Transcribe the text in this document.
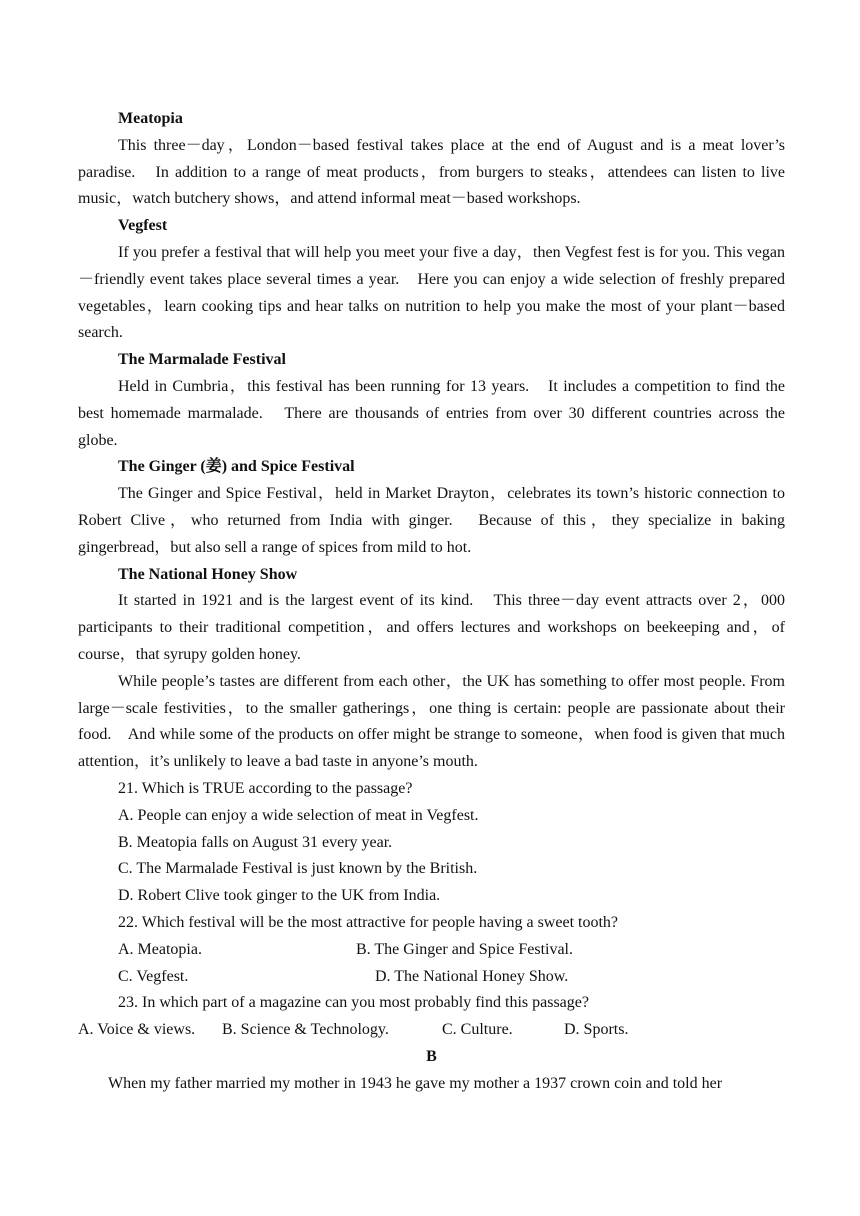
Meatopia
This three－day，London－based festival takes place at the end of August and is a meat lover’s paradise.　In addition to a range of meat products，from burgers to steaks，attendees can listen to live music，watch butchery shows，and attend informal meat－based workshops.
Vegfest
If you prefer a festival that will help you meet your five a day，then Vegfest fest is for you. This vegan－friendly event takes place several times a year.　Here you can enjoy a wide selection of freshly prepared vegetables，learn cooking tips and hear talks on nutrition to help you make the most of your plant－based search.
The Marmalade Festival
Held in Cumbria，this festival has been running for 13 years.　It includes a competition to find the best homemade marmalade.　There are thousands of entries from over 30 different countries across the globe.
The Ginger (姜) and Spice Festival
The Ginger and Spice Festival，held in Market Drayton，celebrates its town’s historic connection to Robert Clive，who returned from India with ginger.　Because of this，they specialize in baking gingerbread，but also sell a range of spices from mild to hot.
The National Honey Show
It started in 1921 and is the largest event of its kind.　This three－day event attracts over 2，000 participants to their traditional competition，and offers lectures and workshops on beekeeping and，of course，that syrupy golden honey.
While people’s tastes are different from each other，the UK has something to offer most people. From large－scale festivities，to the smaller gatherings，one thing is certain: people are passionate about their food.　And while some of the products on offer might be strange to someone，when food is given that much attention，it’s unlikely to leave a bad taste in anyone’s mouth.
21. Which is TRUE according to the passage?
A. People can enjoy a wide selection of meat in Vegfest.
B. Meatopia falls on August 31 every year.
C. The Marmalade Festival is just known by the British.
D. Robert Clive took ginger to the UK from India.
22. Which festival will be the most attractive for people having a sweet tooth?
A. Meatopia.	B. The Ginger and Spice Festival.
C. Vegfest.	D. The National Honey Show.
23. In which part of a magazine can you most probably find this passage?
A. Voice & views. B. Science & Technology.	C. Culture.	D. Sports.
B
When my father married my mother in 1943 he gave my mother a 1937 crown coin and told her
